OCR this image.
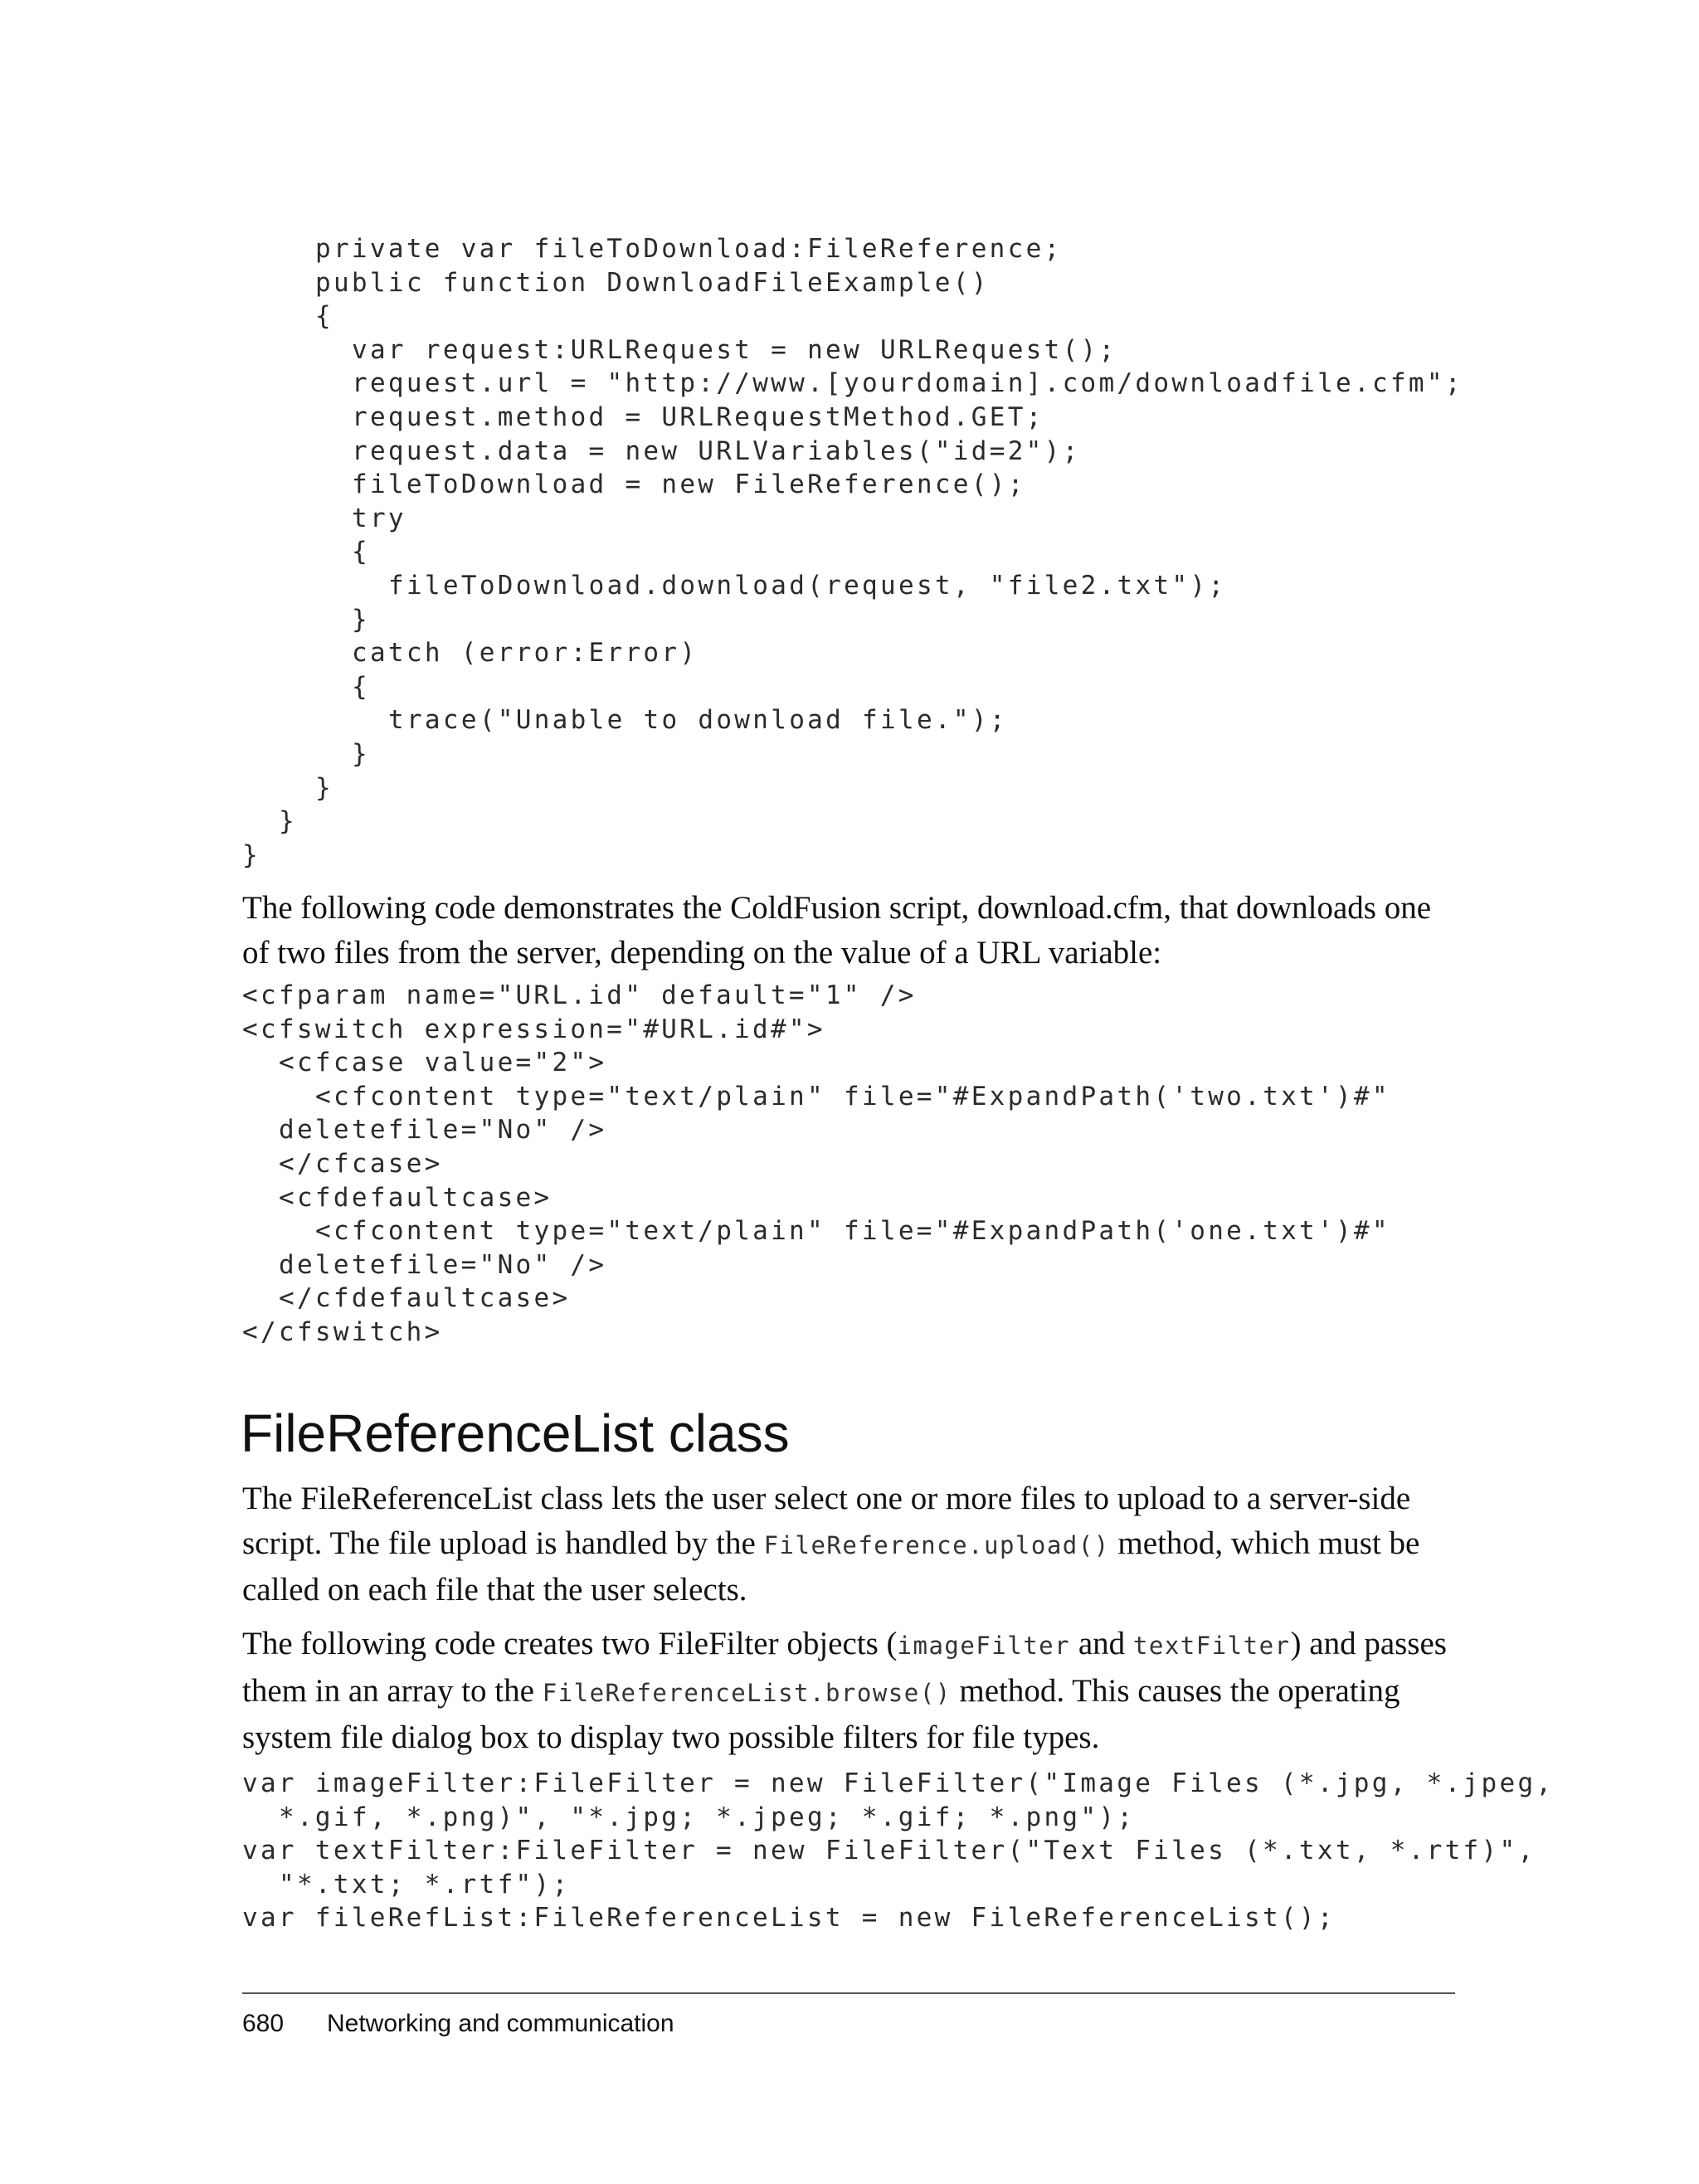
private var fileToDownload:FileReference;
public function DownloadFileExample()
{
var request:URLRequest = new URLRequest();
request.url = "http://www.[yourdomain].com/downloadfile.cfm";
request.method = URLRequestMethod.GET;
request.data = new URLVariables("id=2");
fileToDownload = new FileReference();
try
{
fileToDownload.download(request, "file2.txt");
}
catch (error:Error)
{
trace("Unable to download file.");
}
}
}
}

The following code demonstrates the ColdFusion script, download.cfm, that downloads one of two files from the server, depending on the value of a URL variable:

<cfparam name="URL.id" default="1" />
<cfswitch expression="#URL.id#">
<cfcase value="2">
<cfcontent type="text/plain" file="#ExpandPath('two.txt')#"
deletefile="No" />
</cfcase>
<cfdefaultcase>
<cfcontent type="text/plain" file="#ExpandPath('one.txt')#"
deletefile="No" />
</cfdefaultcase>
</cfswitch>
FileReferenceList class

The FileReferenceList class lets the user select one or more files to upload to a server-side script. The file upload is handled by the FileReference.upload() method, which must be called on each file that the user selects.

The following code creates two FileFilter objects (imageFilter and textFilter) and passes them in an array to the FileReferenceList.browse() method. This causes the operating system file dialog box to display two possible filters for file types.

var imageFilter:FileFilter = new FileFilter("Image Files (*.jpg, *.jpeg,
*.gif, *.png)", "*.jpg; *.jpeg; *.gif; *.png");
var textFilter:FileFilter = new FileFilter("Text Files (*.txt, *.rtf)",
"*.txt; *.rtf");
var fileRefList:FileReferenceList = new FileReferenceList();
680 Networking and communication
